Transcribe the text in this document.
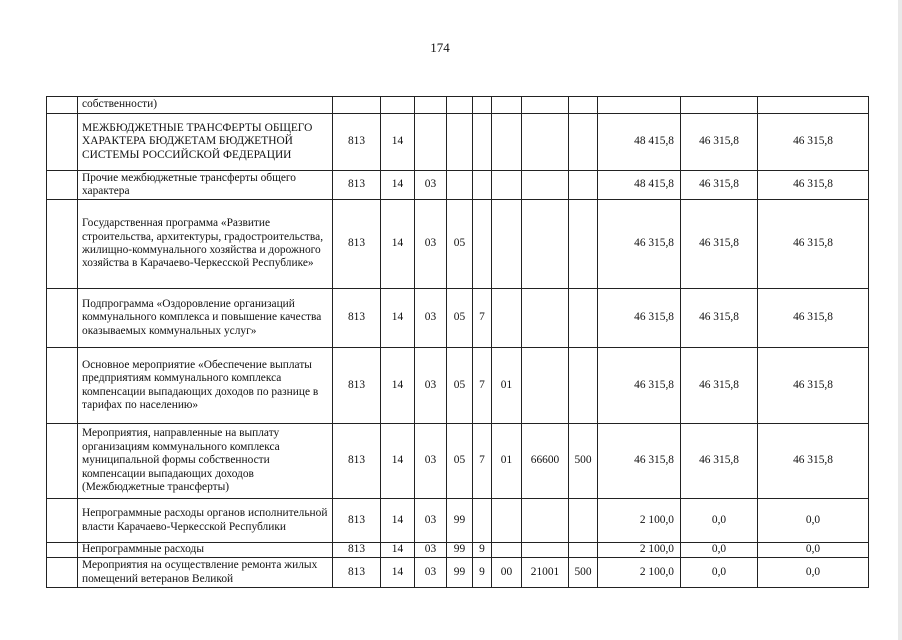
174
	собственности)											
	МЕЖБЮДЖЕТНЫЕ ТРАНСФЕРТЫ ОБЩЕГО ХАРАКТЕРА БЮДЖЕТАМ БЮДЖЕТНОЙ СИСТЕМЫ РОССИЙСКОЙ ФЕДЕРАЦИИ	813	14							48 415,8	46 315,8	46 315,8
	Прочие межбюджетные трансферты общего характера	813	14	03						48 415,8	46 315,8	46 315,8
	Государственная программа «Развитие строительства, архитектуры, градостроительства, жилищно-коммунального хозяйства и дорожного хозяйства в Карачаево-Черкесской Республике»	813	14	03	05					46 315,8	46 315,8	46 315,8
	Подпрограмма «Оздоровление организаций коммунального комплекса и повышение качества оказываемых коммунальных услуг»	813	14	03	05	7				46 315,8	46 315,8	46 315,8
	Основное мероприятие «Обеспечение выплаты предприятиям коммунального комплекса компенсации выпадающих доходов по разнице в тарифах по населению»	813	14	03	05	7	01			46 315,8	46 315,8	46 315,8
	Мероприятия, направленные на выплату организациям коммунального комплекса муниципальной формы собственности компенсации выпадающих доходов (Межбюджетные трансферты)	813	14	03	05	7	01	66600	500	46 315,8	46 315,8	46 315,8
	Непрограммные расходы органов исполнительной власти Карачаево-Черкесской Республики	813	14	03	99					2 100,0	0,0	0,0
	Непрограммные расходы	813	14	03	99	9				2 100,0	0,0	0,0
	Мероприятия на осуществление ремонта жилых помещений ветеранов Великой	813	14	03	99	9	00	21001	500	2 100,0	0,0	0,0
